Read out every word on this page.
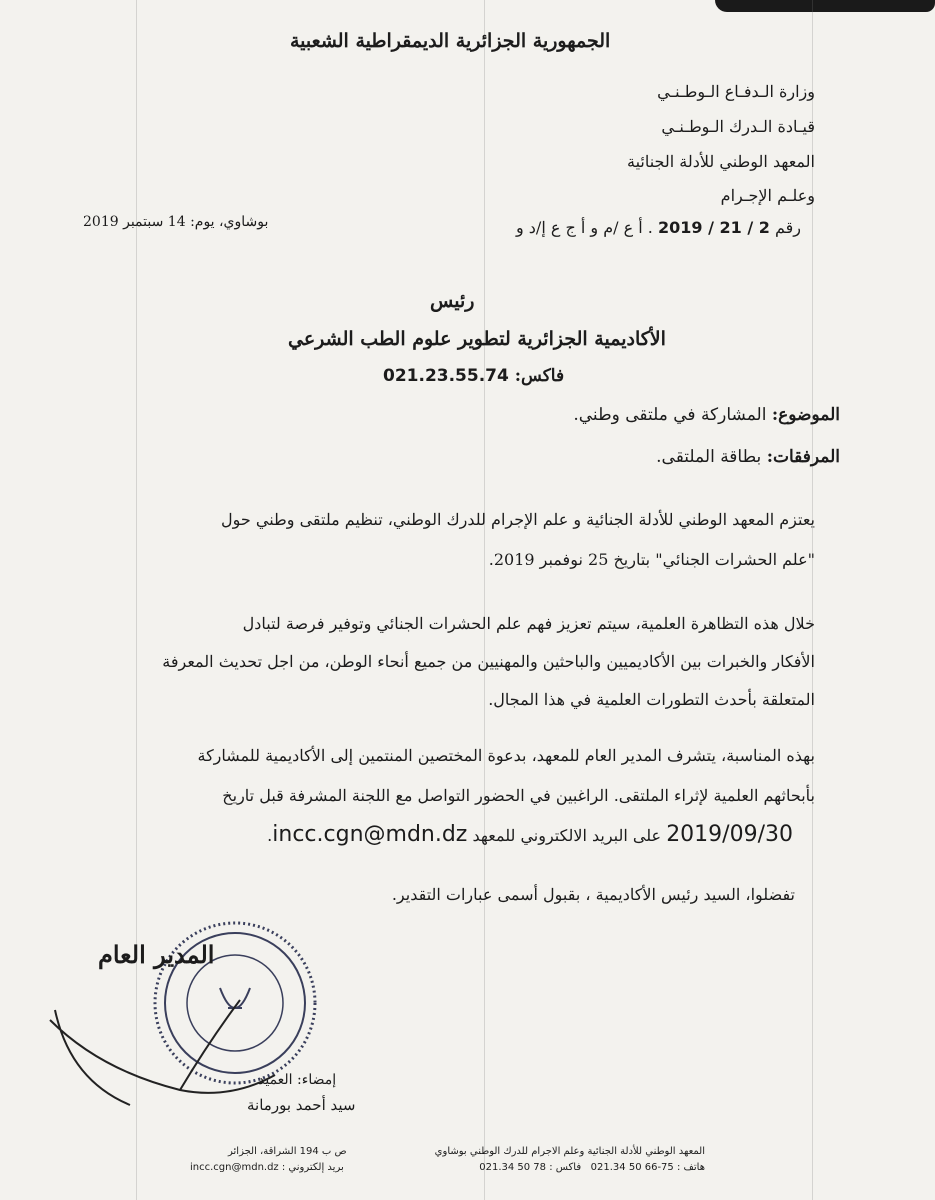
الجمهورية الجزائرية الديمقراطية الشعبية
وزارة الـدفـاع الـوطـنـي
قيـادة الـدرك الـوطـنـي
المعهد الوطني للأدلة الجنائية
وعلـم الإجـرام
رقم 2019 / 21 / 2 . أ ع /م و أ ج ع إ/د و
بوشاوي، يوم: 14 سبتمبر 2019
رئيس
الأكاديمية الجزائرية لتطوير علوم الطب الشرعي
فاكس: 021.23.55.74
الموضوع: المشاركة في ملتقى وطني.
المرفقات: بطاقة الملتقى.
يعتزم المعهد الوطني للأدلة الجنائية و علم الإجرام للدرك الوطني، تنظيم ملتقى وطني حول
"علم الحشرات الجنائي" بتاريخ 25 نوفمبر 2019.
خلال هذه التظاهرة العلمية، سيتم تعزيز فهم علم الحشرات الجنائي وتوفير فرصة لتبادل
الأفكار والخبرات بين الأكاديميين والباحثين والمهنيين من جميع أنحاء الوطن، من اجل تحديث المعرفة
المتعلقة بأحدث التطورات العلمية في هذا المجال.
بهذه المناسبة، يتشرف المدير العام للمعهد، بدعوة المختصين المنتمين إلى الأكاديمية للمشاركة
بأبحاثهم العلمية لإثراء الملتقى. الراغبين في الحضور التواصل مع اللجنة المشرفة قبل تاريخ
2019/09/30 على البريد الالكتروني للمعهد incc.cgn@mdn.dz.
تفضلوا، السيد رئيس الأكاديمية ، بقبول أسمى عبارات التقدير.
المدير العام
إمضاء: العميد
سيد أحمد بورمانة
المعهد الوطني للأدلة الجنائية وعلم الاجرام للدرك الوطني بوشاوي
ص ب 194 الشراقة، الجزائر
هاتف : 021.34 50 66-75   فاكس : 021.34 50 78
بريد إلكتروني : incc.cgn@mdn.dz
